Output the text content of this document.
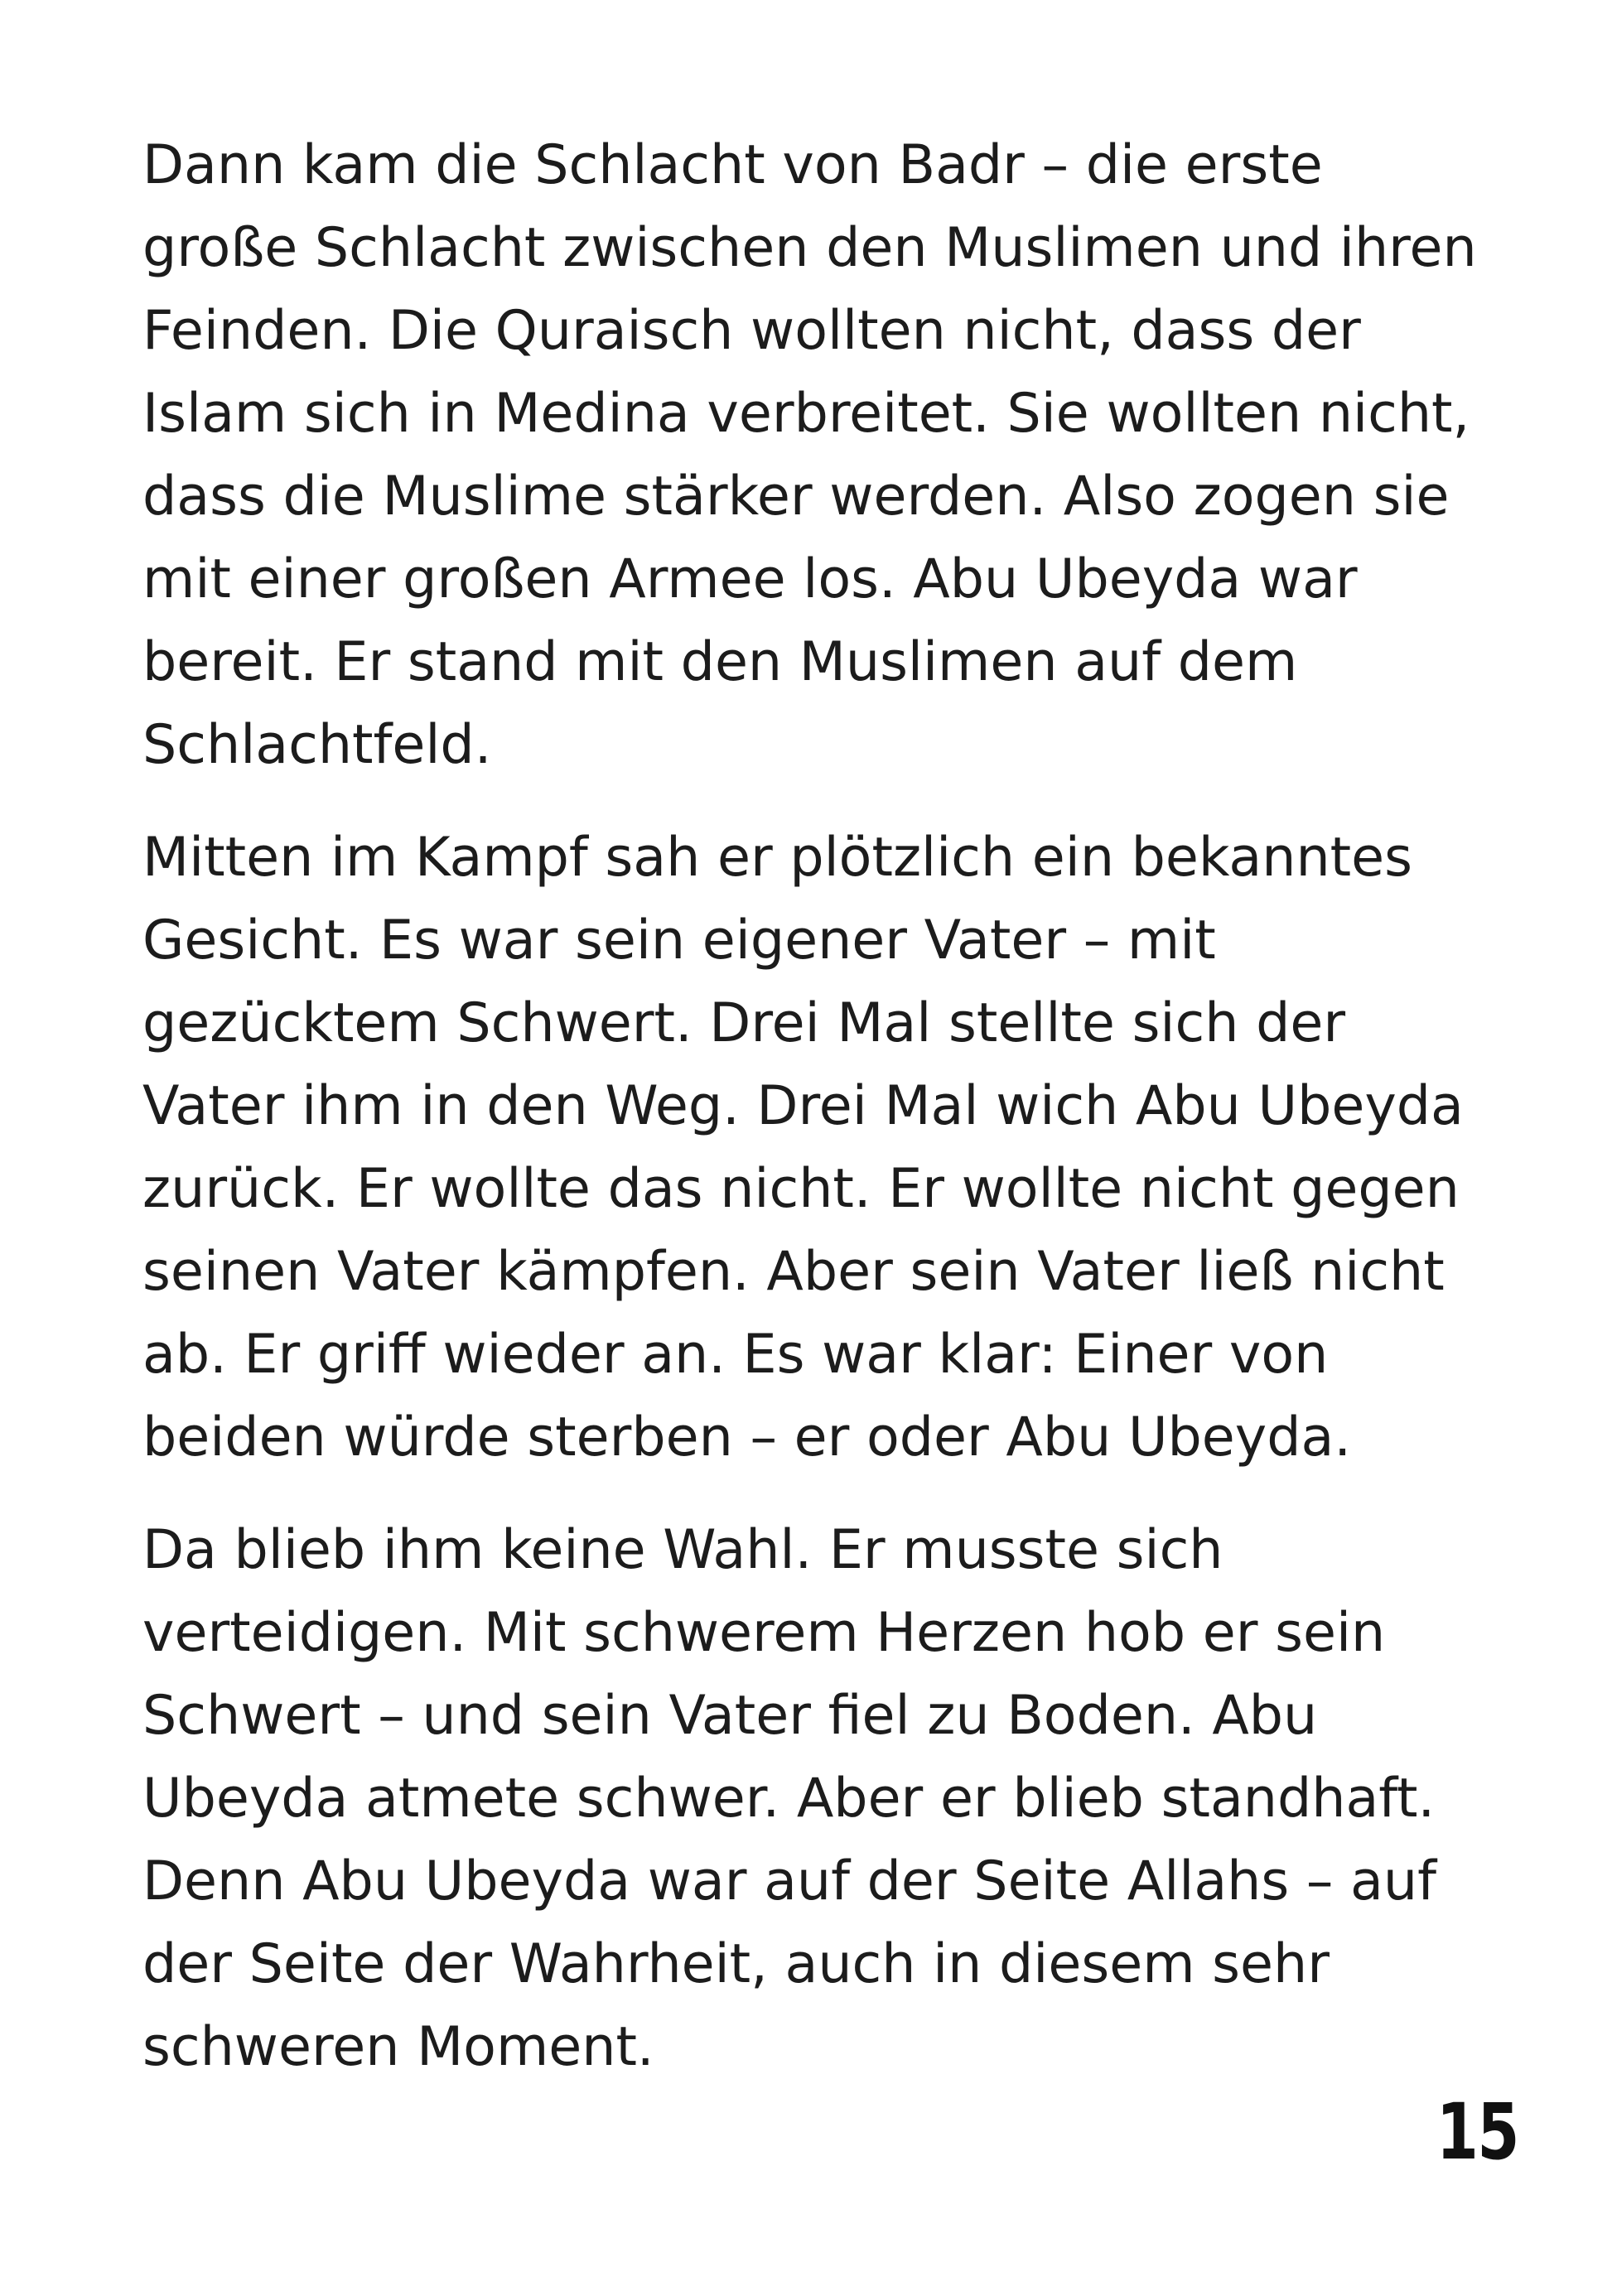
Dann kam die Schlacht von Badr – die erste
große Schlacht zwischen den Muslimen und ihren
Feinden. Die Quraisch wollten nicht, dass der
Islam sich in Medina verbreitet. Sie wollten nicht,
dass die Muslime stärker werden. Also zogen sie
mit einer großen Armee los. Abu Ubeyda war
bereit. Er stand mit den Muslimen auf dem
Schlachtfeld.

Mitten im Kampf sah er plötzlich ein bekanntes
Gesicht. Es war sein eigener Vater – mit
gezücktem Schwert. Drei Mal stellte sich der
Vater ihm in den Weg. Drei Mal wich Abu Ubeyda
zurück. Er wollte das nicht. Er wollte nicht gegen
seinen Vater kämpfen. Aber sein Vater ließ nicht
ab. Er griff wieder an. Es war klar: Einer von
beiden würde sterben – er oder Abu Ubeyda.

Da blieb ihm keine Wahl. Er musste sich
verteidigen. Mit schwerem Herzen hob er sein
Schwert – und sein Vater fiel zu Boden. Abu
Ubeyda atmete schwer. Aber er blieb standhaft.
Denn Abu Ubeyda war auf der Seite Allahs – auf
der Seite der Wahrheit, auch in diesem sehr
schweren Moment.

15
